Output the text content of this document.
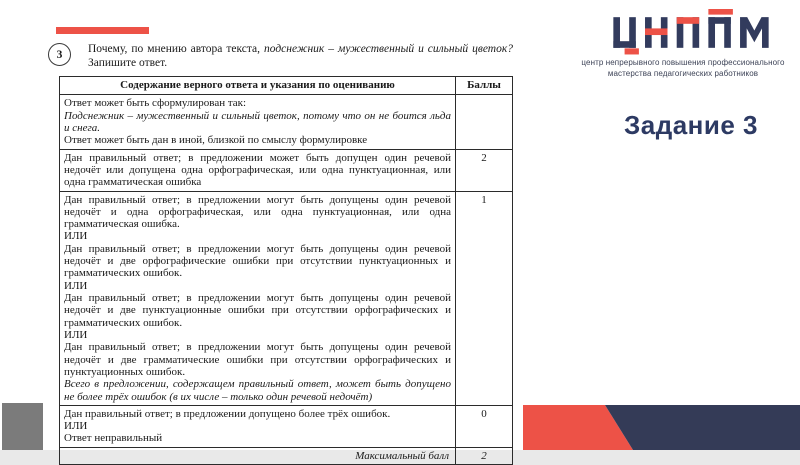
3 Почему, по мнению автора текста, подснежник – мужественный и сильный цветок?
Запишите ответ.
Содержание верного ответа и указания по оцениванию	Баллы

Ответ может быть сформулирован так:
Подснежник – мужественный и сильный цветок, потому что он не боится льда и снега.
Ответ может быть дан в иной, близкой по смыслу формулировке	

Дан правильный ответ; в предложении может быть допущен один речевой недочёт или допущена одна орфографическая, или одна пунктуационная, или одна грамматическая ошибка	2

Дан правильный ответ; в предложении могут быть допущены один речевой недочёт и одна орфографическая, или одна пунктуационная, или одна грамматическая ошибка.
ИЛИ
Дан правильный ответ; в предложении могут быть допущены один речевой недочёт и две орфографические ошибки при отсутствии пунктуационных и грамматических ошибок.
ИЛИ
Дан правильный ответ; в предложении могут быть допущены один речевой недочёт и две пунктуационные ошибки при отсутствии орфографических и грамматических ошибок.
ИЛИ
Дан правильный ответ; в предложении могут быть допущены один речевой недочёт и две грамматические ошибки при отсутствии орфографических и пунктуационных ошибок.
Всего в предложении, содержащем правильный ответ, может быть допущено не более трёх ошибок (в их числе – только один речевой недочёт)
	1

Дан правильный ответ; в предложении допущено более трёх ошибок.
ИЛИ
Ответ неправильный	0
Максимальный балл	2
центр непрерывного повышения профессионального
мастерства педагогических работников
Задание 3
